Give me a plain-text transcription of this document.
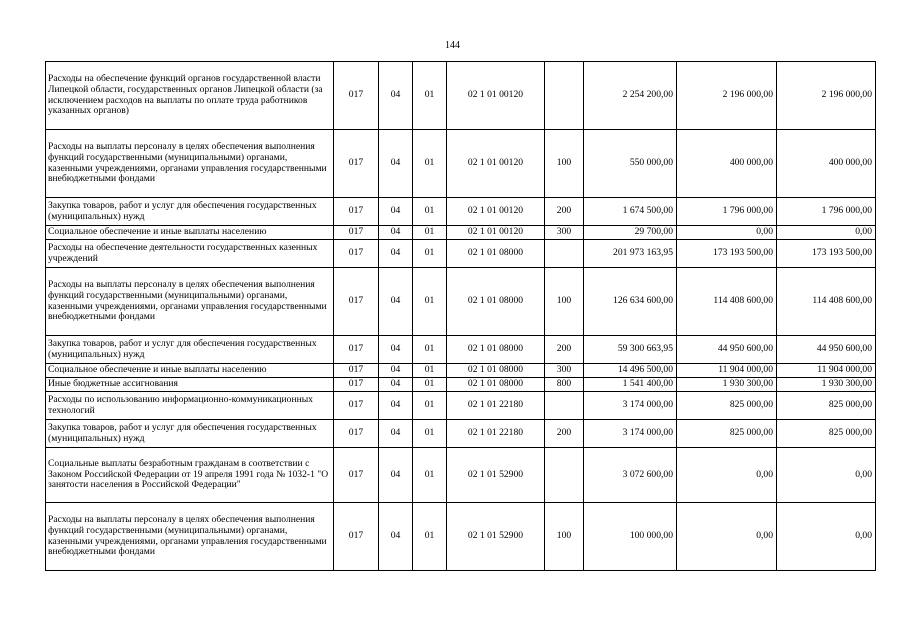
144
Расходы на обеспечение функций органов государственной власти Липецкой области, государственных органов Липецкой области (за исключением расходов на выплаты по оплате труда работников указанных органов)	017	04	01	02 1 01 00120		2 254 200,00	2 196 000,00	2 196 000,00
Расходы на выплаты персоналу в целях обеспечения выполнения функций государственными (муниципальными) органами, казенными учреждениями, органами управления государственными внебюджетными фондами	017	04	01	02 1 01 00120	100	550 000,00	400 000,00	400 000,00
Закупка товаров, работ и услуг для обеспечения государственных (муниципальных) нужд	017	04	01	02 1 01 00120	200	1 674 500,00	1 796 000,00	1 796 000,00
Социальное обеспечение и иные выплаты населению	017	04	01	02 1 01 00120	300	29 700,00	0,00	0,00
Расходы на обеспечение деятельности государственных казенных учреждений	017	04	01	02 1 01 08000		201 973 163,95	173 193 500,00	173 193 500,00
Расходы на выплаты персоналу в целях обеспечения выполнения функций государственными (муниципальными) органами, казенными учреждениями, органами управления государственными внебюджетными фондами	017	04	01	02 1 01 08000	100	126 634 600,00	114 408 600,00	114 408 600,00
Закупка товаров, работ и услуг для обеспечения государственных (муниципальных) нужд	017	04	01	02 1 01 08000	200	59 300 663,95	44 950 600,00	44 950 600,00
Социальное обеспечение и иные выплаты населению	017	04	01	02 1 01 08000	300	14 496 500,00	11 904 000,00	11 904 000,00
Иные бюджетные ассигнования	017	04	01	02 1 01 08000	800	1 541 400,00	1 930 300,00	1 930 300,00
Расходы по использованию информационно-коммуникационных технологий	017	04	01	02 1 01 22180		3 174 000,00	825 000,00	825 000,00
Закупка товаров, работ и услуг для обеспечения государственных (муниципальных) нужд	017	04	01	02 1 01 22180	200	3 174 000,00	825 000,00	825 000,00
Социальные выплаты безработным гражданам в соответствии с Законом Российской Федерации от 19 апреля 1991 года № 1032-1 "О занятости населения в Российской Федерации"	017	04	01	02 1 01 52900		3 072 600,00	0,00	0,00
Расходы на выплаты персоналу в целях обеспечения выполнения функций государственными (муниципальными) органами, казенными учреждениями, органами управления государственными внебюджетными фондами	017	04	01	02 1 01 52900	100	100 000,00	0,00	0,00
